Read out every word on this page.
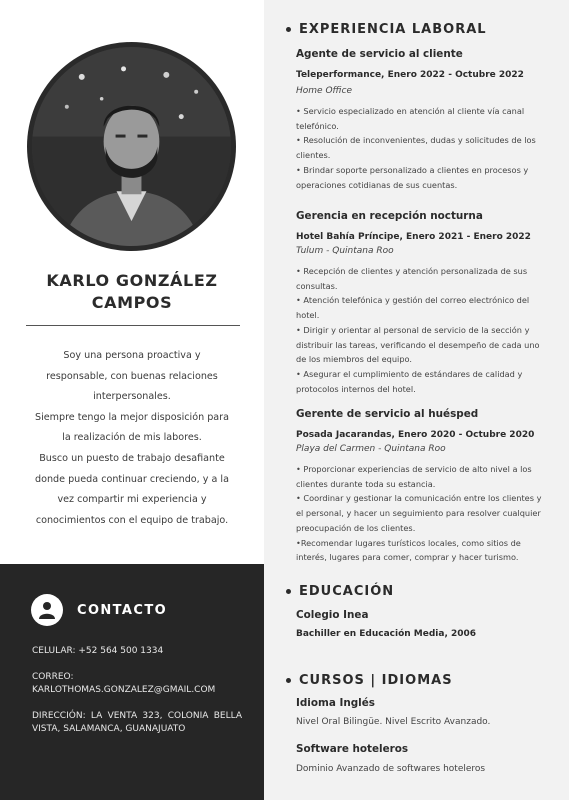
KARLO GONZÁLEZ
CAMPOS
Soy una persona proactiva y
responsable, con buenas relaciones
interpersonales.
Siempre tengo la mejor disposición para
la realización de mis labores.
Busco un puesto de trabajo desafiante
donde pueda continuar creciendo, y a la
vez compartir mi experiencia y
conocimientos con el equipo de trabajo.
CONTACTO
CELULAR: +52 564 500 1334
CORREO:
KARLOTHOMAS.GONZALEZ@GMAIL.COM
DIRECCIÓN: LA VENTA 323, COLONIA BELLA VISTA, SALAMANCA, GUANAJUATO
EXPERIENCIA LABORAL
Agente de servicio al cliente
Teleperformance, Enero 2022 - Octubre 2022
Home Office
• Servicio especializado en atención al cliente vía canal
telefónico.
• Resolución de inconvenientes, dudas y solicitudes de los
clientes.
• Brindar soporte personalizado a clientes en procesos y
operaciones cotidianas de sus cuentas.
Gerencia en recepción nocturna
Hotel Bahía Príncipe, Enero 2021 - Enero 2022
Tulum - Quintana Roo
• Recepción de clientes y atención personalizada de sus
consultas.
• Atención telefónica y gestión del correo electrónico del
hotel.
• Dirigir y orientar al personal de servicio de la sección y
distribuir las tareas, verificando el desempeño de cada uno
de los miembros del equipo.
• Asegurar el cumplimiento de estándares de calidad y
protocolos internos del hotel.
Gerente de servicio al huésped
Posada Jacarandas, Enero 2020 - Octubre 2020
Playa del Carmen - Quintana Roo
• Proporcionar experiencias de servicio de alto nivel a los
clientes durante toda su estancia.
• Coordinar y gestionar la comunicación entre los clientes y
el personal, y hacer un seguimiento para resolver cualquier
preocupación de los clientes.
•Recomendar lugares turísticos locales, como sitios de
interés, lugares para comer, comprar y hacer turismo.
EDUCACIÓN
Colegio Inea
Bachiller en Educación Media, 2006
CURSOS | IDIOMAS
Idioma Inglés
Nivel Oral Bilingüe. Nivel Escrito Avanzado.
Software hoteleros
Dominio Avanzado de softwares hoteleros
